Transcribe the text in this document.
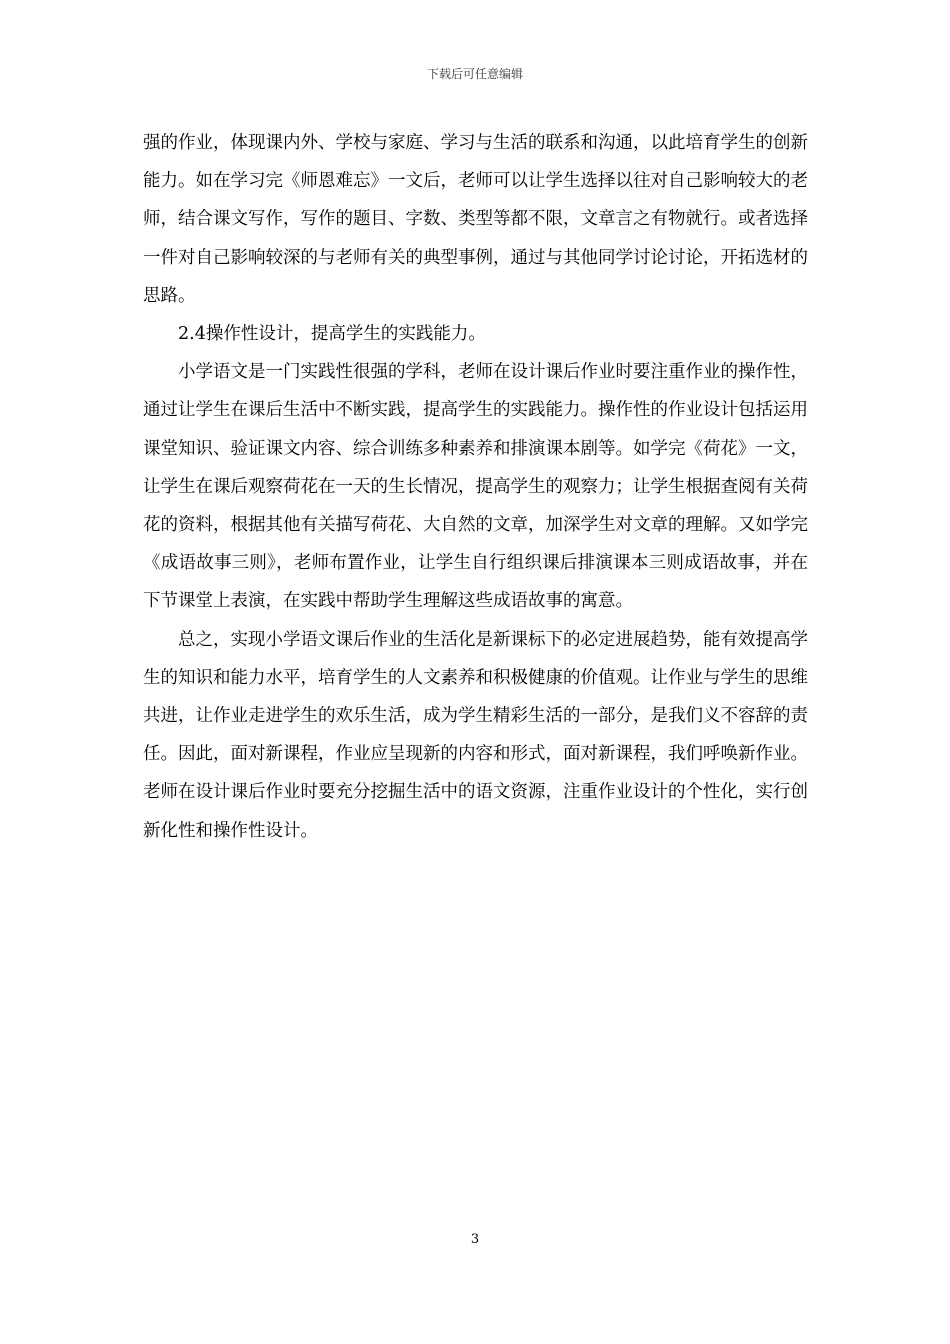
下载后可任意编辑

强的作业，体现课内外、学校与家庭、学习与生活的联系和沟通，以此培育学生的创新能力。如在学习完《师恩难忘》一文后，老师可以让学生选择以往对自己影响较大的老师，结合课文写作，写作的题目、字数、类型等都不限，文章言之有物就行。或者选择一件对自己影响较深的与老师有关的典型事例，通过与其他同学讨论讨论，开拓选材的思路。

2.4操作性设计，提高学生的实践能力。

小学语文是一门实践性很强的学科，老师在设计课后作业时要注重作业的操作性，通过让学生在课后生活中不断实践，提高学生的实践能力。操作性的作业设计包括运用课堂知识、验证课文内容、综合训练多种素养和排演课本剧等。如学完《荷花》一文，让学生在课后观察荷花在一天的生长情况，提高学生的观察力；让学生根据查阅有关荷花的资料，根据其他有关描写荷花、大自然的文章，加深学生对文章的理解。又如学完《成语故事三则》，老师布置作业，让学生自行组织课后排演课本三则成语故事，并在下节课堂上表演，在实践中帮助学生理解这些成语故事的寓意。

总之，实现小学语文课后作业的生活化是新课标下的必定进展趋势，能有效提高学生的知识和能力水平，培育学生的人文素养和积极健康的价值观。让作业与学生的思维共进，让作业走进学生的欢乐生活，成为学生精彩生活的一部分，是我们义不容辞的责任。因此，面对新课程，作业应呈现新的内容和形式，面对新课程，我们呼唤新作业。老师在设计课后作业时要充分挖掘生活中的语文资源，注重作业设计的个性化，实行创新化性和操作性设计。

3
